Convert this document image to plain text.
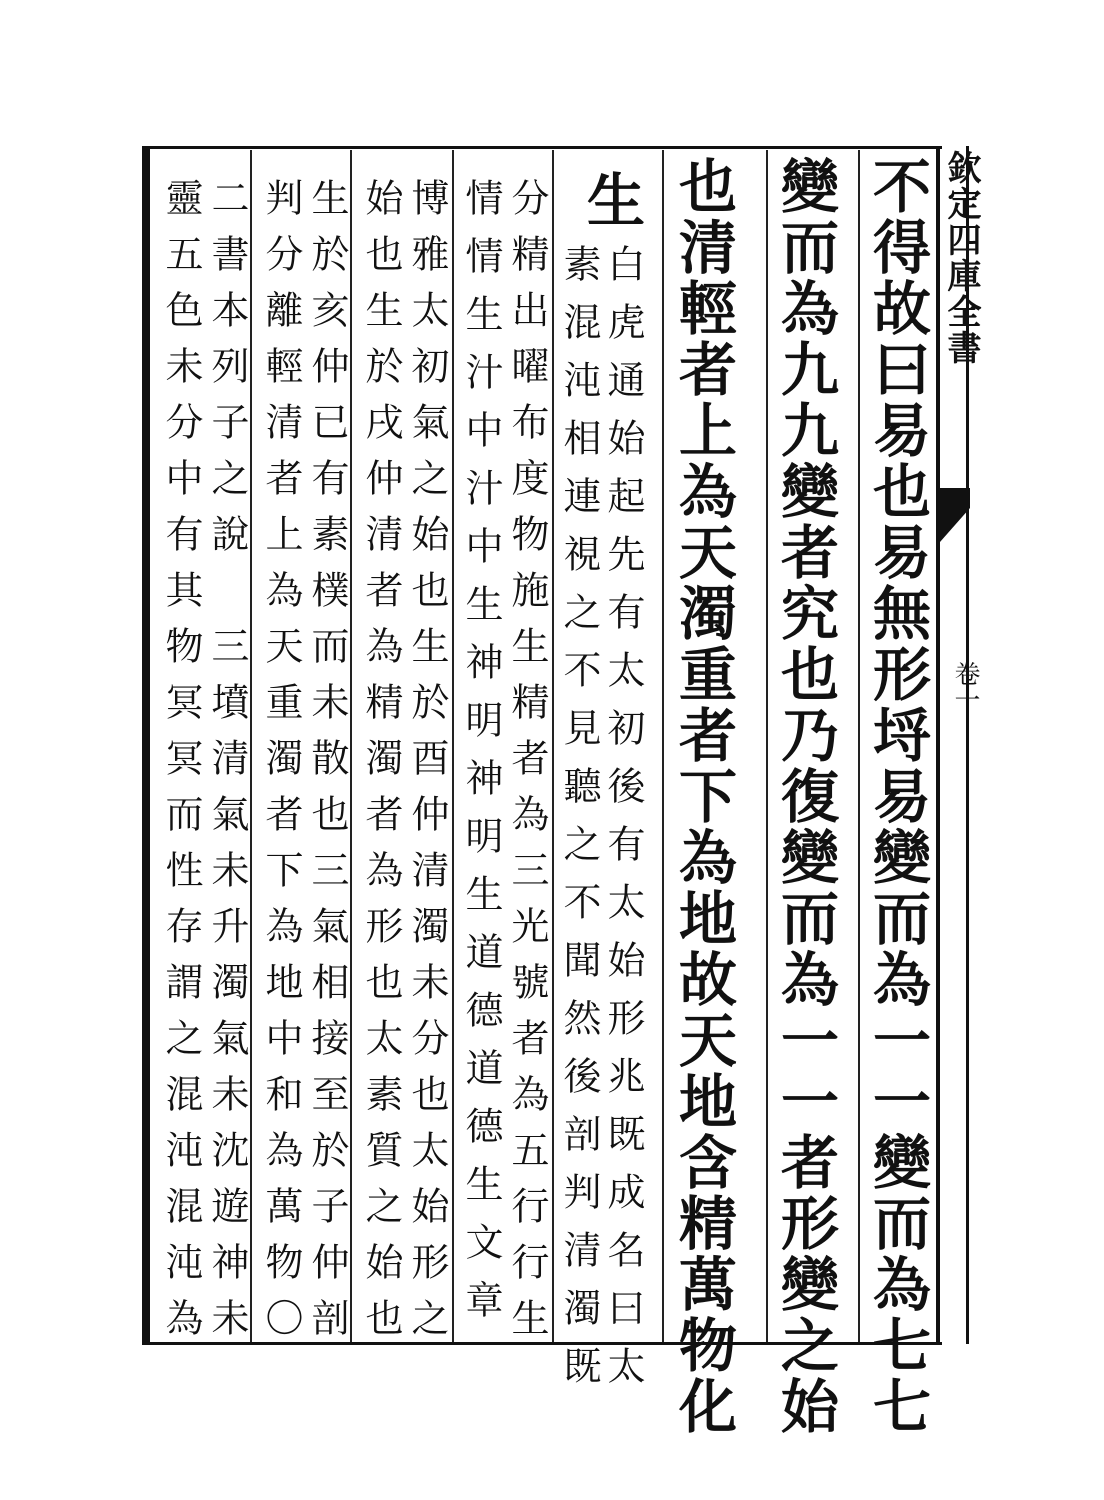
欽定四庫全書
卷一
不得故曰易也易無形埒易變而為一一變而為七七
變而為九九變者究也乃復變而為一一者形變之始
也清輕者上為天濁重者下為地故天地含精萬物化
生
白虎通始起先有太初後有太始形兆既成名曰太
素混沌相連視之不見聽之不聞然後剖判清濁既
分精出曜布度物施生精者為三光號者為五行行生
情情生汁中汁中生神明神明生道德道德生文章
博雅太初氣之始也生於酉仲清濁未分也太始形之
始也生於戌仲清者為精濁者為形也太素質之始也
生於亥仲已有素樸而未散也三氣相接至於子仲剖
判分離輕清者上為天重濁者下為地中和為萬物〇
二書本列子之說　三墳清氣未升濁氣未沈遊神未
靈五色未分中有其物冥冥而性存謂之混沌混沌為
